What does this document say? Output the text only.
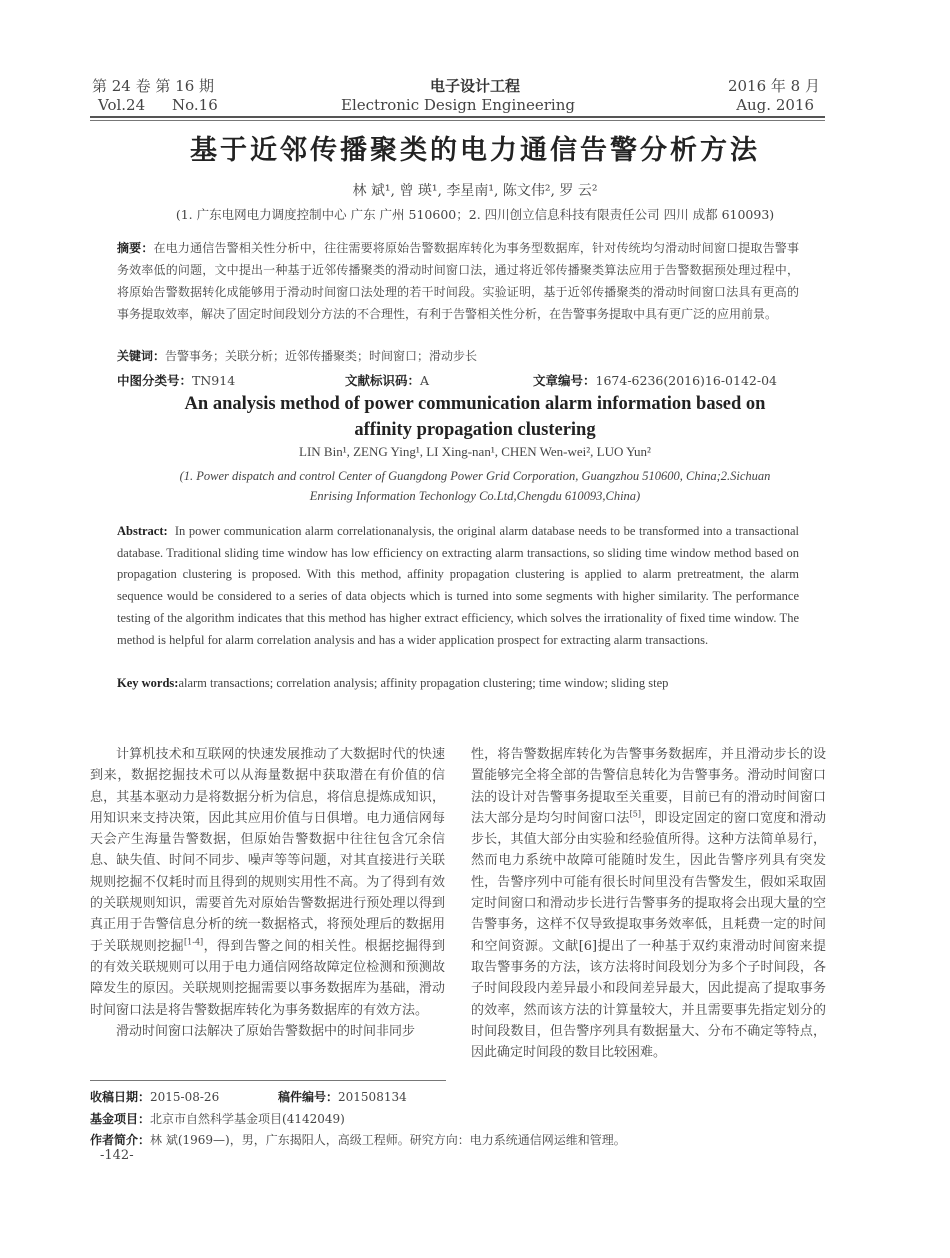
第 24 卷 第 16 期
Vol.24 No.16
电子设计工程
Electronic Design Engineering
2016 年 8 月
Aug. 2016
基于近邻传播聚类的电力通信告警分析方法
林 斌¹, 曾 瑛¹, 李星南¹, 陈文伟², 罗 云²
(1. 广东电网电力调度控制中心 广东 广州 510600；2. 四川创立信息科技有限责任公司 四川 成都 610093)
摘要：在电力通信告警相关性分析中，往往需要将原始告警数据库转化为事务型数据库，针对传统均匀滑动时间窗口提取告警事务效率低的问题，文中提出一种基于近邻传播聚类的滑动时间窗口法，通过将近邻传播聚类算法应用于告警数据预处理过程中，将原始告警数据转化成能够用于滑动时间窗口法处理的若干时间段。实验证明，基于近邻传播聚类的滑动时间窗口法具有更高的事务提取效率，解决了固定时间段划分方法的不合理性，有利于告警相关性分析，在告警事务提取中具有更广泛的应用前景。
关键词：告警事务；关联分析；近邻传播聚类；时间窗口；滑动步长
中图分类号：TN914	文献标识码：A	文章编号：1674-6236(2016)16-0142-04
An analysis method of power communication alarm information based on
affinity propagation clustering
LIN Bin¹, ZENG Ying¹, LI Xing-nan¹, CHEN Wen-wei², LUO Yun²
(1. Power dispatch and control Center of Guangdong Power Grid Corporation, Guangzhou 510600, China;2.Sichuan
Enrising Information Techonlogy Co.Ltd,Chengdu 610093,China)
Abstract: In power communication alarm correlationanalysis, the original alarm database needs to be transformed into a transactional database. Traditional sliding time window has low efficiency on extracting alarm transactions, so sliding time window method based on propagation clustering is proposed. With this method, affinity propagation clustering is applied to alarm pretreatment, the alarm sequence would be considered to a series of data objects which is turned into some segments with higher similarity. The performance testing of the algorithm indicates that this method has higher extract efficiency, which solves the irrationality of fixed time window. The method is helpful for alarm correlation analysis and has a wider application prospect for extracting alarm transactions.
Key words:alarm transactions; correlation analysis; affinity propagation clustering; time window; sliding step

计算机技术和互联网的快速发展推动了大数据时代的快速到来，数据挖掘技术可以从海量数据中获取潜在有价值的信息，其基本驱动力是将数据分析为信息，将信息提炼成知识，用知识来支持决策，因此其应用价值与日俱增。电力通信网每天会产生海量告警数据，但原始告警数据中往往包含冗余信息、缺失值、时间不同步、噪声等等问题，对其直接进行关联规则挖掘不仅耗时而且得到的规则实用性不高。为了得到有效的关联规则知识，需要首先对原始告警数据进行预处理以得到真正用于告警信息分析的统一数据格式，将预处理后的数据用于关联规则挖掘[1-4]，得到告警之间的相关性。根据挖掘得到的有效关联规则可以用于电力通信网络故障定位检测和预测故障发生的原因。关联规则挖掘需要以事务数据库为基础，滑动时间窗口法是将告警数据库转化为事务数据库的有效方法。

滑动时间窗口法解决了原始告警数据中的时间非同步

性，将告警数据库转化为告警事务数据库，并且滑动步长的设置能够完全将全部的告警信息转化为告警事务。滑动时间窗口法的设计对告警事务提取至关重要，目前已有的滑动时间窗口法大部分是均匀时间窗口法[5]，即设定固定的窗口宽度和滑动步长，其值大部分由实验和经验值所得。这种方法简单易行，然而电力系统中故障可能随时发生，因此告警序列具有突发性，告警序列中可能有很长时间里没有告警发生，假如采取固定时间窗口和滑动步长进行告警事务的提取将会出现大量的空告警事务，这样不仅导致提取事务效率低，且耗费一定的时间和空间资源。文献[6]提出了一种基于双约束滑动时间窗来提取告警事务的方法，该方法将时间段划分为多个子时间段，各子时间段段内差异最小和段间差异最大，因此提高了提取事务的效率，然而该方法的计算量较大，并且需要事先指定划分的时间段数目，但告警序列具有数据量大、分布不确定等特点，因此确定时间段的数目比较困难。

收稿日期：2015-08-26	稿件编号：201508134
基金项目：北京市自然科学基金项目(4142049)
作者简介：林 斌(1969—)，男，广东揭阳人，高级工程师。研究方向：电力系统通信网运维和管理。
-142-
